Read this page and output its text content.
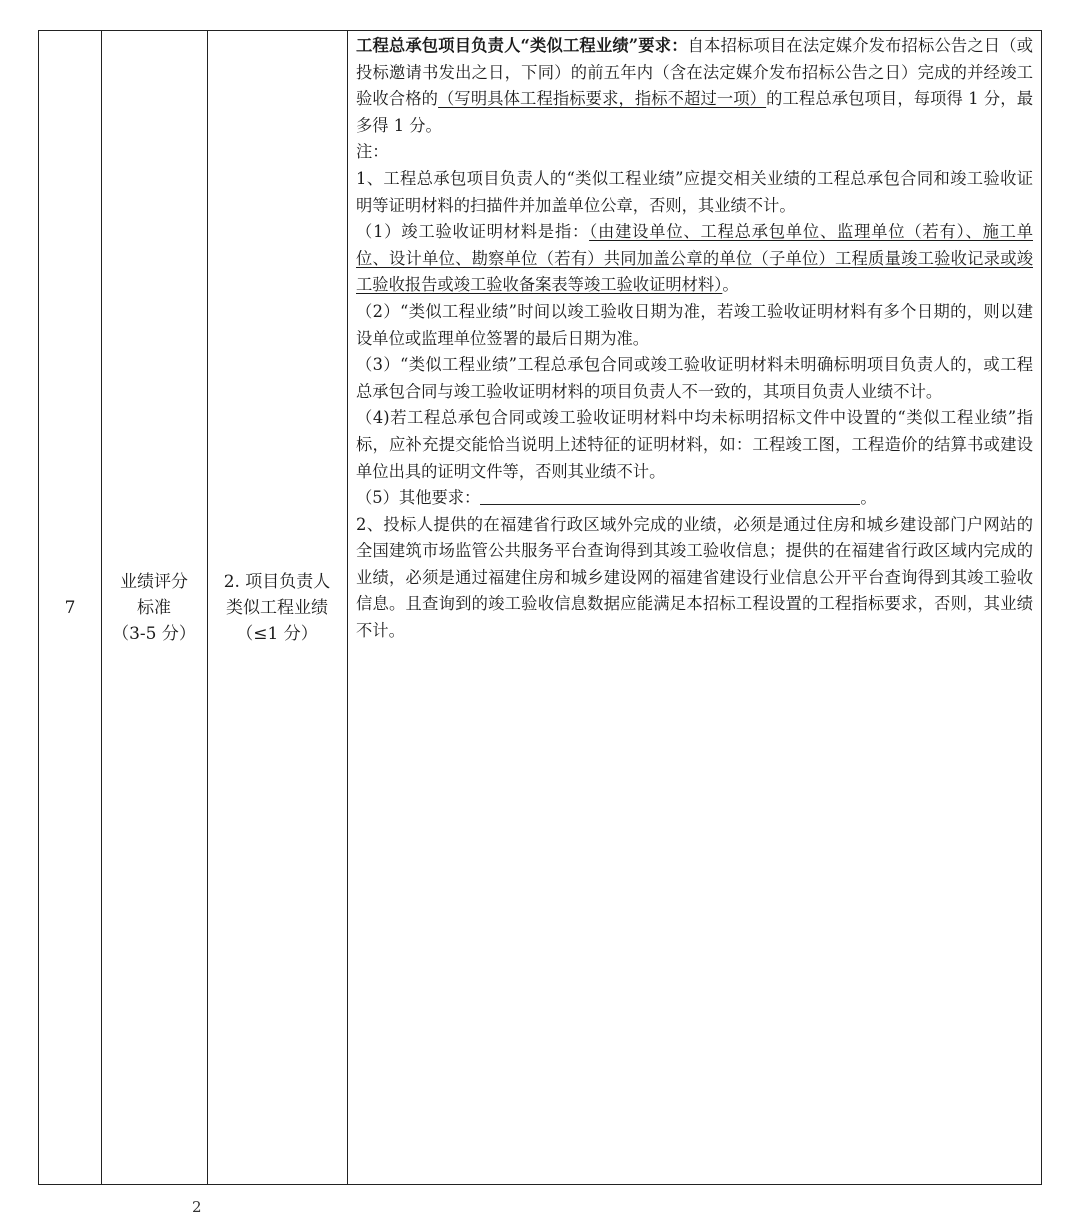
7
业绩评分
标准
（3-5 分）
2. 项目负责人
类似工程业绩
（≤1 分）

工程总承包项目负责人“类似工程业绩”要求：自本招标项目在法定媒介发布招标公告之日（或投标邀请书发出之日，下同）的前五年内（含在法定媒介发布招标公告之日）完成的并经竣工验收合格的（写明具体工程指标要求，指标不超过一项）的工程总承包项目，每项得 1 分，最多得 1 分。

注：

1、工程总承包项目负责人的“类似工程业绩”应提交相关业绩的工程总承包合同和竣工验收证明等证明材料的扫描件并加盖单位公章，否则，其业绩不计。

（1）竣工验收证明材料是指：（由建设单位、工程总承包单位、监理单位（若有）、施工单位、设计单位、勘察单位（若有）共同加盖公章的单位（子单位）工程质量竣工验收记录或竣工验收报告或竣工验收备案表等竣工验收证明材料）。

（2）“类似工程业绩”时间以竣工验收日期为准，若竣工验收证明材料有多个日期的，则以建设单位或监理单位签署的最后日期为准。

（3）“类似工程业绩”工程总承包合同或竣工验收证明材料未明确标明项目负责人的，或工程总承包合同与竣工验收证明材料的项目负责人不一致的，其项目负责人业绩不计。

（4)若工程总承包合同或竣工验收证明材料中均未标明招标文件中设置的“类似工程业绩”指标，应补充提交能恰当说明上述特征的证明材料，如：工程竣工图，工程造价的结算书或建设单位出具的证明文件等，否则其业绩不计。

（5）其他要求：	。

2、投标人提供的在福建省行政区域外完成的业绩，必须是通过住房和城乡建设部门户网站的全国建筑市场监管公共服务平台查询得到其竣工验收信息；提供的在福建省行政区域内完成的业绩，必须是通过福建住房和城乡建设网的福建省建设行业信息公开平台查询得到其竣工验收信息。且查询到的竣工验收信息数据应能满足本招标工程设置的工程指标要求，否则，其业绩不计。

2
